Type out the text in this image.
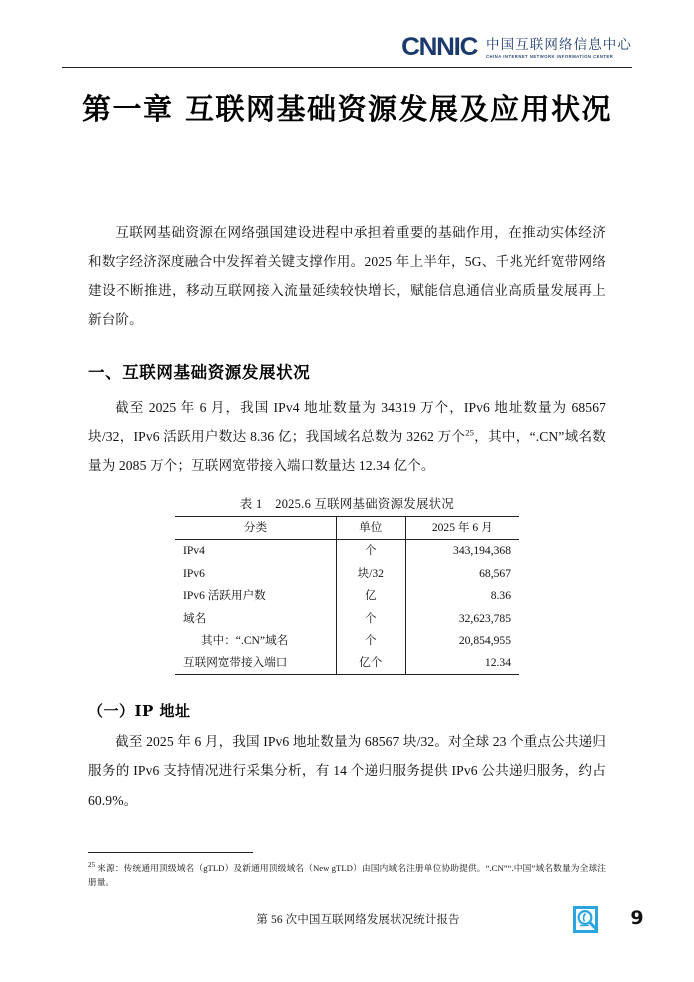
CNNIC 中国互联网络信息中心
CHINA INTERNET NETWORK INFORMATION CENTER
第一章 互联网基础资源发展及应用状况

互联网基础资源在网络强国建设进程中承担着重要的基础作用，在推动实体经济和数字经济深度融合中发挥着关键支撑作用。2025 年上半年，5G、千兆光纤宽带网络建设不断推进，移动互联网接入流量延续较快增长，赋能信息通信业高质量发展再上新台阶。

一、互联网基础资源发展状况

截至 2025 年 6 月，我国 IPv4 地址数量为 34319 万个，IPv6 地址数量为 68567 块/32，IPv6 活跃用户数达 8.36 亿；我国域名总数为 3262 万个$^{25}$，其中，“.CN”域名数量为 2085 万个；互联网宽带接入端口数量达 12.34 亿个。

表 1　2025.6 互联网基础资源发展状况
分类	单位	2025 年 6 月
IPv4	个	343,194,368
IPv6	块/32	68,567
IPv6 活跃用户数	亿	8.36
域名	个	32,623,785
其中：“.CN”域名	个	20,854,955
互联网宽带接入端口	亿个	12.34
（一）IP 地址

截至 2025 年 6 月，我国 IPv6 地址数量为 68567 块/32。对全球 23 个重点公共递归服务的 IPv6 支持情况进行采集分析，有 14 个递归服务提供 IPv6 公共递归服务，约占 60.9%。

$^{25}$ 来源：传统通用顶级域名（gTLD）及新通用顶级域名（New gTLD）由国内域名注册单位协助提供。“.CN”“.中国”域名数量为全球注册量。

第 56 次中国互联网络发展状况统计报告	9
